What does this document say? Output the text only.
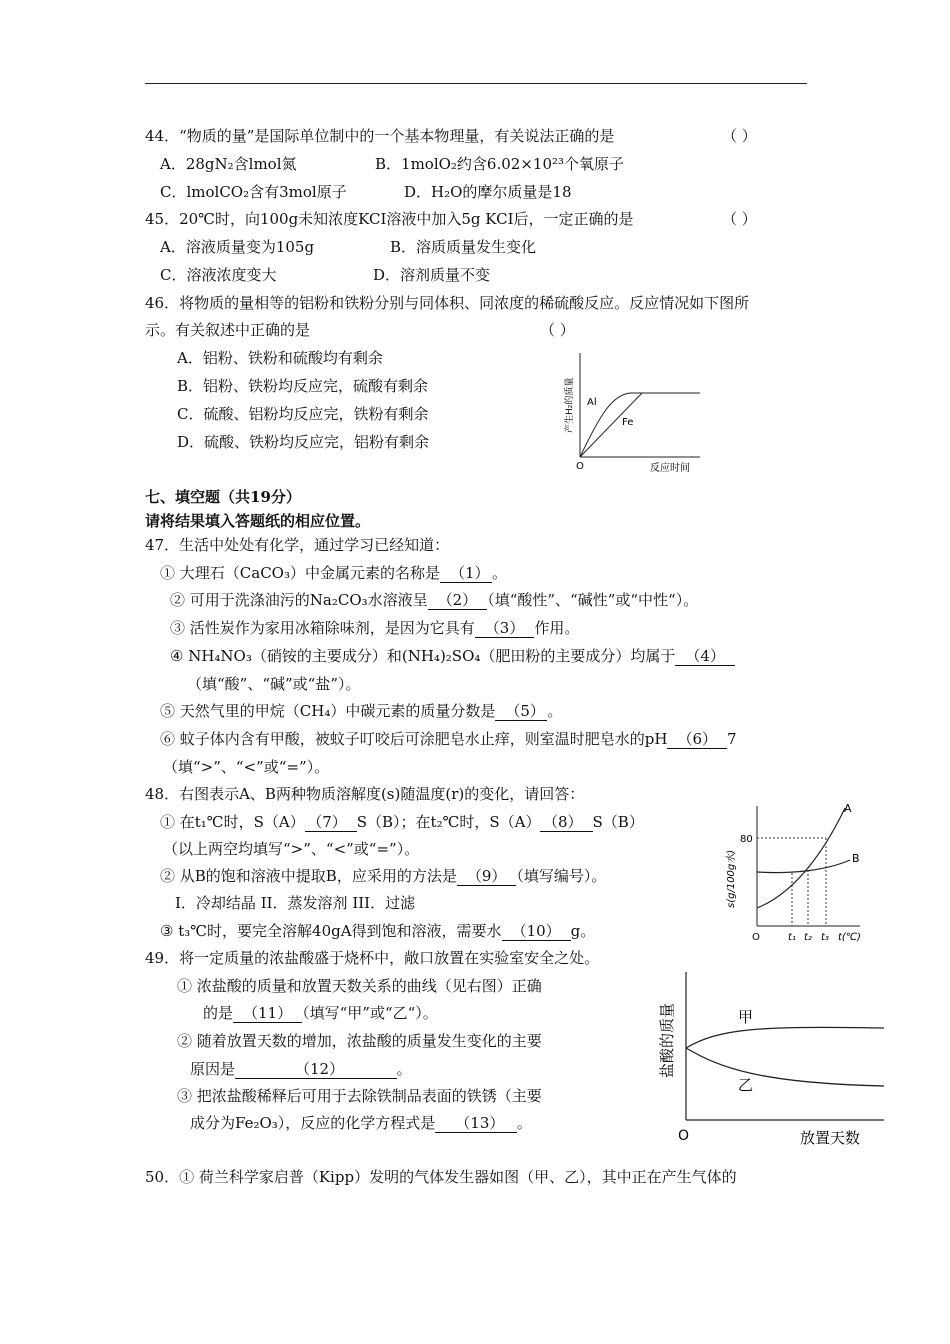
44．“物质的量”是国际单位制中的一个基本物理量，有关说法正确的是	（ ）
A．28gN₂含lmol氮	B．1molO₂约含6.02×10²³个氧原子
C．lmolCO₂含有3mol原子	D．H₂O的摩尔质量是18
45．20℃时，向100g未知浓度KCI溶液中加入5g KCI后，一定正确的是	（ ）
A．溶液质量变为105g	B．溶质质量发生变化
C．溶液浓度变大	D．溶剂质量不变
46．将物质的量相等的铝粉和铁粉分别与同体积、同浓度的稀硫酸反应。反应情况如下图所
示。有关叙述中正确的是	（ ）
A．铝粉、铁粉和硫酸均有剩余
B．铝粉、铁粉均反应完，硫酸有剩余
C．硫酸、铝粉均反应完，铁粉有剩余
D．硫酸、铁粉均反应完，铝粉有剩余
Al
Fe
O	反应时间
产生H₂的质量
七、填空题（共19分）
请将结果填入答题纸的相应位置。
47．生活中处处有化学，通过学习已经知道：
① 大理石（CaCO₃）中金属元素的名称是 （1） 。
② 可用于洗涤油污的Na₂CO₃水溶液呈 （2） （填“酸性”、“碱性”或“中性“）。
③ 活性炭作为家用冰箱除味剂，是因为它具有 （3） 作用。
④ NH₄NO₃（硝铵的主要成分）和(NH₄)₂SO₄（肥田粉的主要成分）均属于 （4）
（填“酸”、“碱”或“盐”）。
⑤ 天然气里的甲烷（CH₄）中碳元素的质量分数是 （5） 。
⑥ 蚊子体内含有甲酸，被蚊子叮咬后可涂肥皂水止痒，则室温时肥皂水的pH （6） 7
（填“>”、“<”或“=”）。
48．右图表示A、B两种物质溶解度(s)随温度(r)的变化，请回答：
① 在t₁℃时，S（A） （7） S（B）；在t₂℃时，S（A） （8） S（B）
（以上两空均填写“>”、“<”或“=”）。
② 从B的饱和溶液中提取B，应采用的方法是 （9） （填写编号）。
I．冷却结晶 II．蒸发溶剂 III．过滤
③ t₃℃时，要完全溶解40gA得到饱和溶液，需要水 （10） g。
A
B
80
O	t₁ t₂ t₃ t(℃)
s(g/100g水)
49．将一定质量的浓盐酸盛于烧杯中，敞口放置在实验室安全之处。
① 浓盐酸的质量和放置天数关系的曲线（见右图）正确
的是 （11） （填写“甲”或“乙“）。
② 随着放置天数的增加，浓盐酸的质量发生变化的主要
原因是	（12）	。
③ 把浓盐酸稀释后可用于去除铁制品表面的铁锈（主要
成分为Fe₂O₃），反应的化学方程式是 （13） 。
甲
乙
O	放置天数
盐酸的质量
50．① 荷兰科学家启普（Kipp）发明的气体发生器如图（甲、乙），其中正在产生气体的
